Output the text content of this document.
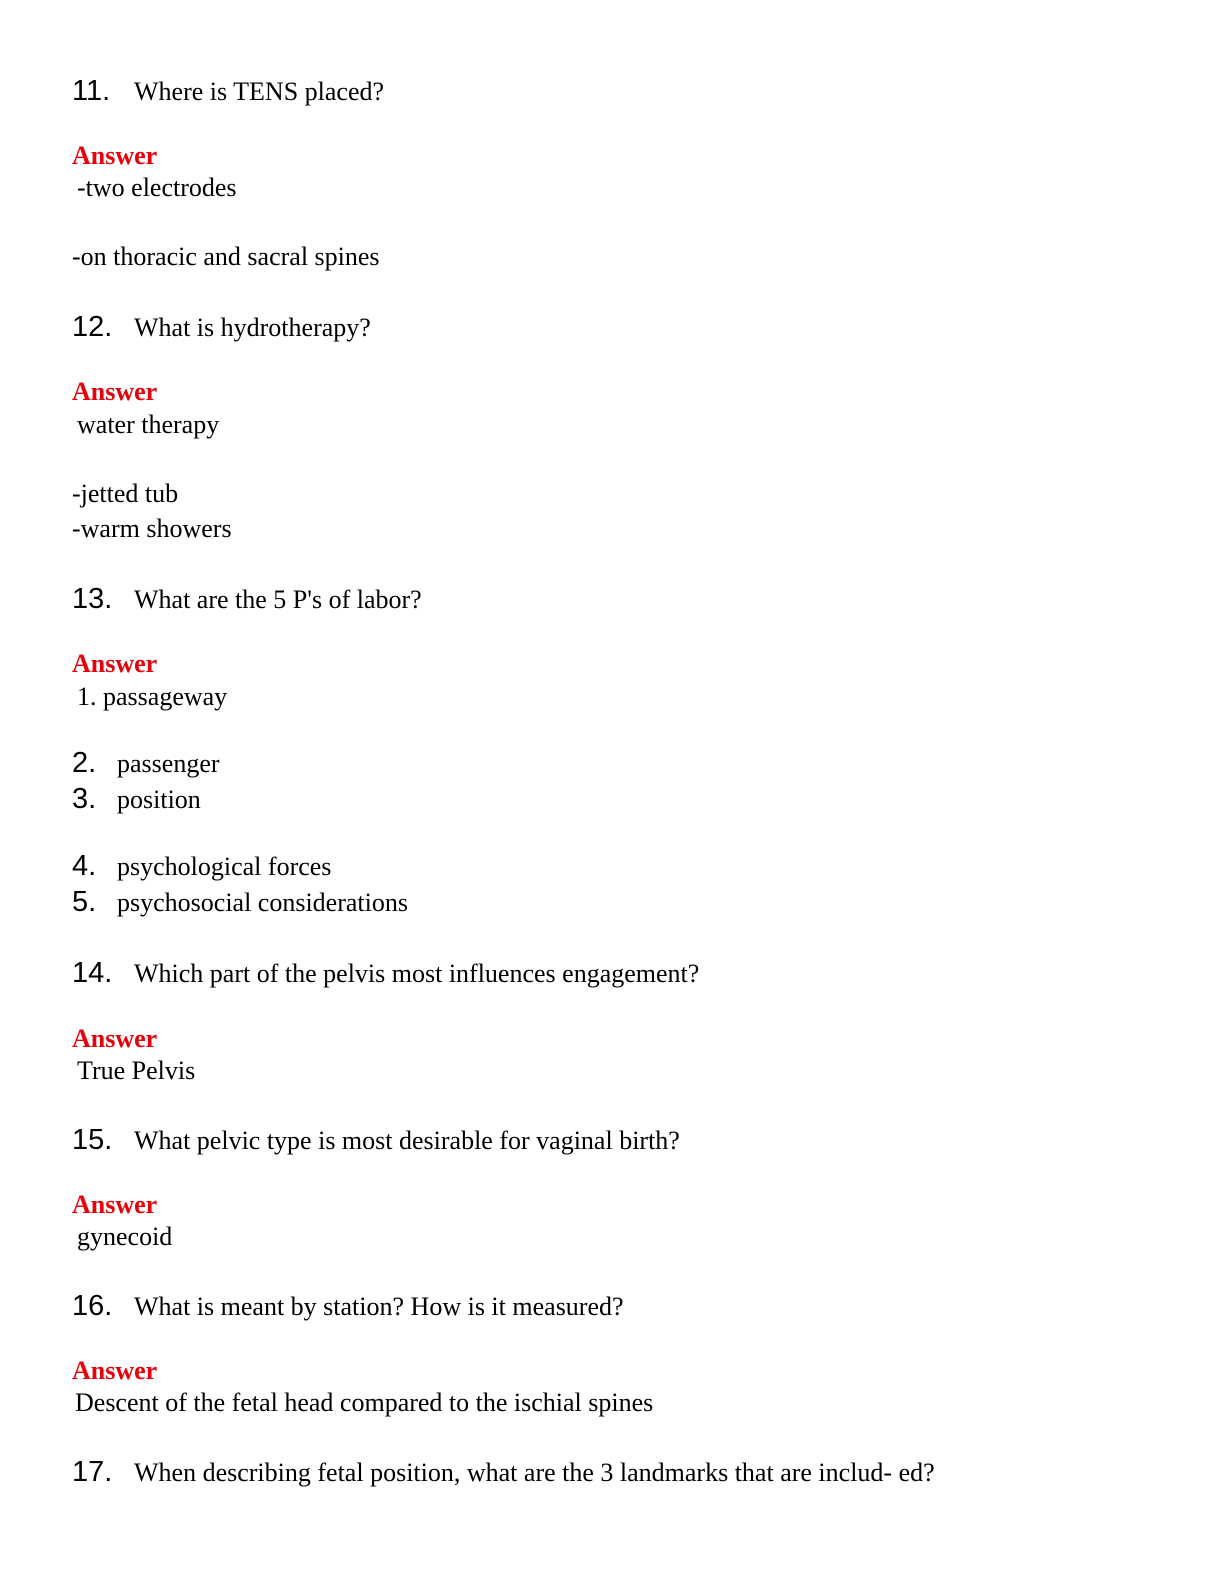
11. Where is TENS placed?
Answer
-two electrodes
-on thoracic and sacral spines
12. What is hydrotherapy?
Answer
water therapy
-jetted tub
-warm showers
13. What are the 5 P's of labor?
Answer
1. passageway
2. passenger
3. position
4. psychological forces
5. psychosocial considerations
14. Which part of the pelvis most influences engagement?
Answer
True Pelvis
15. What pelvic type is most desirable for vaginal birth?
Answer
gynecoid
16. What is meant by station? How is it measured?
Answer
Descent of the fetal head compared to the ischial spines
17. When describing fetal position, what are the 3 landmarks that are includ- ed?
